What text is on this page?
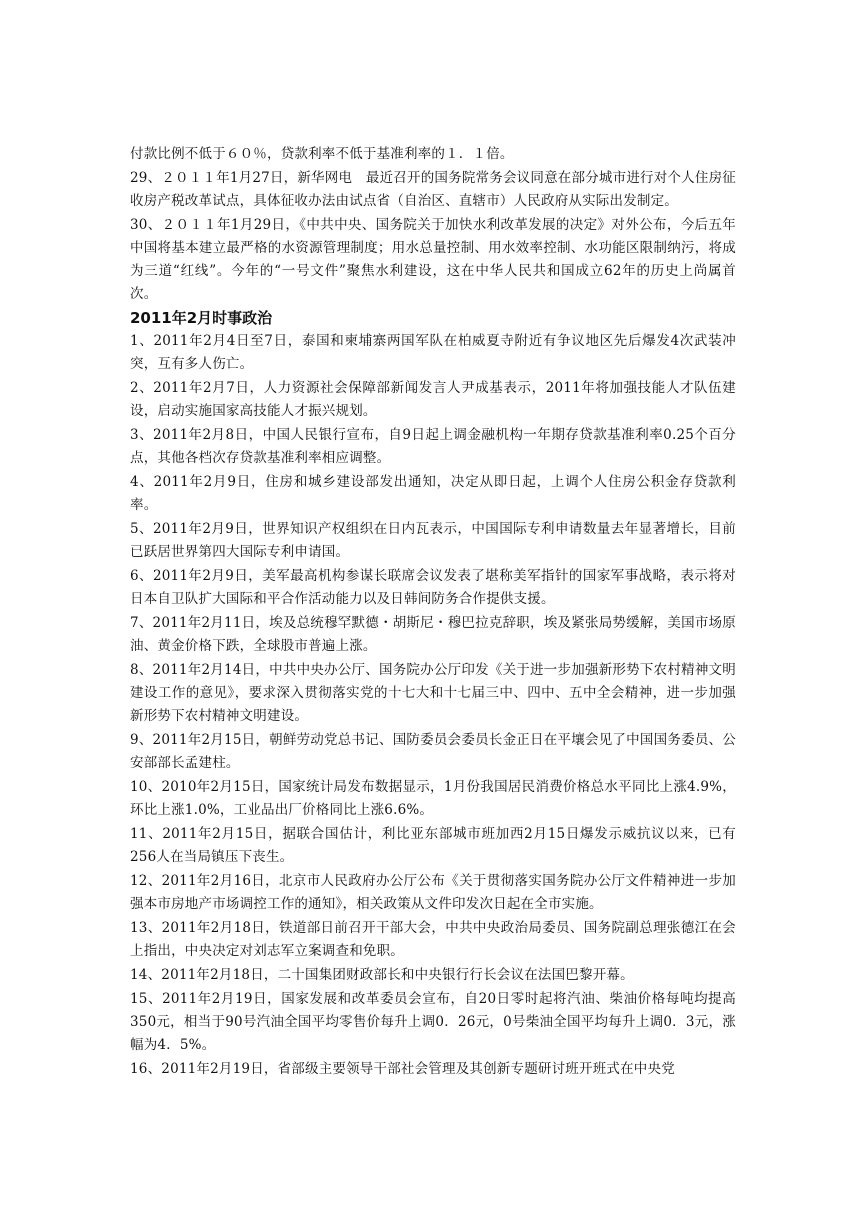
付款比例不低于６０％，贷款利率不低于基准利率的１．１倍。

29、２０１１年1月27日，新华网电　最近召开的国务院常务会议同意在部分城市进行对个人住房征收房产税改革试点，具体征收办法由试点省（自治区、直辖市）人民政府从实际出发制定。

30、２０１１年1月29日，《中共中央、国务院关于加快水利改革发展的决定》对外公布，今后五年中国将基本建立最严格的水资源管理制度；用水总量控制、用水效率控制、水功能区限制纳污，将成为三道“红线”。今年的“一号文件”聚焦水利建设，这在中华人民共和国成立62年的历史上尚属首次。

2011年2月时事政治

1、2011年2月4日至7日，泰国和柬埔寨两国军队在柏威夏寺附近有争议地区先后爆发4次武装冲突，互有多人伤亡。

2、2011年2月7日，人力资源社会保障部新闻发言人尹成基表示，2011年将加强技能人才队伍建设，启动实施国家高技能人才振兴规划。

3、2011年2月8日，中国人民银行宣布，自9日起上调金融机构一年期存贷款基准利率0.25个百分点，其他各档次存贷款基准利率相应调整。

4、2011年2月9日，住房和城乡建设部发出通知，决定从即日起，上调个人住房公积金存贷款利率。

5、2011年2月9日，世界知识产权组织在日内瓦表示，中国国际专利申请数量去年显著增长，目前已跃居世界第四大国际专利申请国。

6、2011年2月9日，美军最高机构参谋长联席会议发表了堪称美军指针的国家军事战略，表示将对日本自卫队扩大国际和平合作活动能力以及日韩间防务合作提供支援。

7、2011年2月11日，埃及总统穆罕默德・胡斯尼・穆巴拉克辞职，埃及紧张局势缓解，美国市场原油、黄金价格下跌，全球股市普遍上涨。

8、2011年2月14日，中共中央办公厅、国务院办公厅印发《关于进一步加强新形势下农村精神文明建设工作的意见》，要求深入贯彻落实党的十七大和十七届三中、四中、五中全会精神，进一步加强新形势下农村精神文明建设。

9、2011年2月15日，朝鲜劳动党总书记、国防委员会委员长金正日在平壤会见了中国国务委员、公安部部长孟建柱。

10、2010年2月15日，国家统计局发布数据显示，1月份我国居民消费价格总水平同比上涨4.9%，环比上涨1.0%，工业品出厂价格同比上涨6.6%。

11、2011年2月15日，据联合国估计，利比亚东部城市班加西2月15日爆发示威抗议以来，已有256人在当局镇压下丧生。

12、2011年2月16日，北京市人民政府办公厅公布《关于贯彻落实国务院办公厅文件精神进一步加强本市房地产市场调控工作的通知》，相关政策从文件印发次日起在全市实施。

13、2011年2月18日，铁道部日前召开干部大会，中共中央政治局委员、国务院副总理张德江在会上指出，中央决定对刘志军立案调查和免职。

14、2011年2月18日，二十国集团财政部长和中央银行行长会议在法国巴黎开幕。

15、2011年2月19日，国家发展和改革委员会宣布，自20日零时起将汽油、柴油价格每吨均提高350元，相当于90号汽油全国平均零售价每升上调0．26元，0号柴油全国平均每升上调0．3元，涨幅为4．5%。

16、2011年2月19日，省部级主要领导干部社会管理及其创新专题研讨班开班式在中央党
